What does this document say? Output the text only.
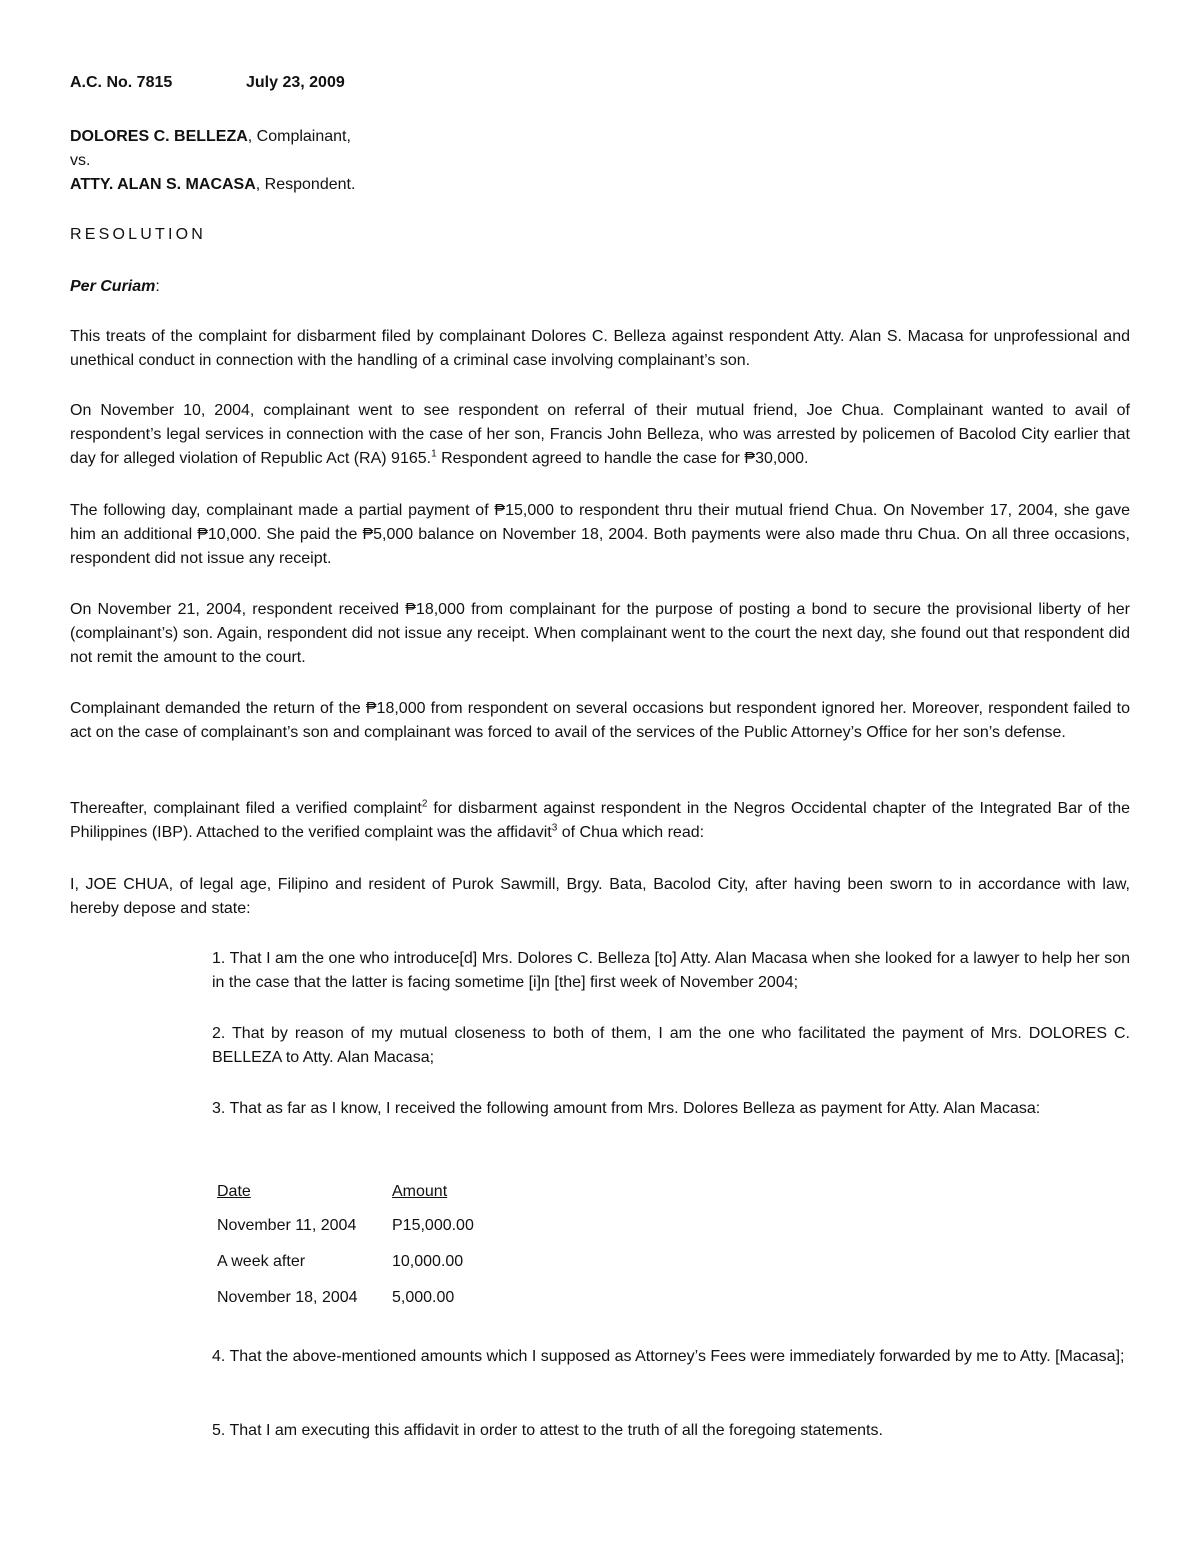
A.C. No. 7815	July 23, 2009

DOLORES C. BELLEZA, Complainant,

vs.

ATTY. ALAN S. MACASA, Respondent.

RESOLUTION

Per Curiam:

This treats of the complaint for disbarment filed by complainant Dolores C. Belleza against respondent Atty. Alan S. Macasa for unprofessional and unethical conduct in connection with the handling of a criminal case involving complainant’s son.

On November 10, 2004, complainant went to see respondent on referral of their mutual friend, Joe Chua. Complainant wanted to avail of respondent’s legal services in connection with the case of her son, Francis John Belleza, who was arrested by policemen of Bacolod City earlier that day for alleged violation of Republic Act (RA) 9165.$^1$ Respondent agreed to handle the case for ₱30,000.

The following day, complainant made a partial payment of ₱15,000 to respondent thru their mutual friend Chua. On November 17, 2004, she gave him an additional ₱10,000. She paid the ₱5,000 balance on November 18, 2004. Both payments were also made thru Chua. On all three occasions, respondent did not issue any receipt.

On November 21, 2004, respondent received ₱18,000 from complainant for the purpose of posting a bond to secure the provisional liberty of her (complainant’s) son. Again, respondent did not issue any receipt. When complainant went to the court the next day, she found out that respondent did not remit the amount to the court.

Complainant demanded the return of the ₱18,000 from respondent on several occasions but respondent ignored her. Moreover, respondent failed to act on the case of complainant’s son and complainant was forced to avail of the services of the Public Attorney’s Office for her son’s defense.

Thereafter, complainant filed a verified complaint$^2$ for disbarment against respondent in the Negros Occidental chapter of the Integrated Bar of the Philippines (IBP). Attached to the verified complaint was the affidavit$^3$ of Chua which read:

I, JOE CHUA, of legal age, Filipino and resident of Purok Sawmill, Brgy. Bata, Bacolod City, after having been sworn to in accordance with law, hereby depose and state:

1. That I am the one who introduce[d] Mrs. Dolores C. Belleza [to] Atty. Alan Macasa when she looked for a lawyer to help her son in the case that the latter is facing sometime [i]n [the] first week of November 2004;

2. That by reason of my mutual closeness to both of them, I am the one who facilitated the payment of Mrs. DOLORES C. BELLEZA to Atty. Alan Macasa;

3. That as far as I know, I received the following amount from Mrs. Dolores Belleza as payment for Atty. Alan Macasa:

Date	Amount
November 11, 2004 P15,000.00
A week after	10,000.00
November 18, 2004 5,000.00

4. That the above-mentioned amounts which I supposed as Attorney’s Fees were immediately forwarded by me to Atty. [Macasa];

5. That I am executing this affidavit in order to attest to the truth of all the foregoing statements.
